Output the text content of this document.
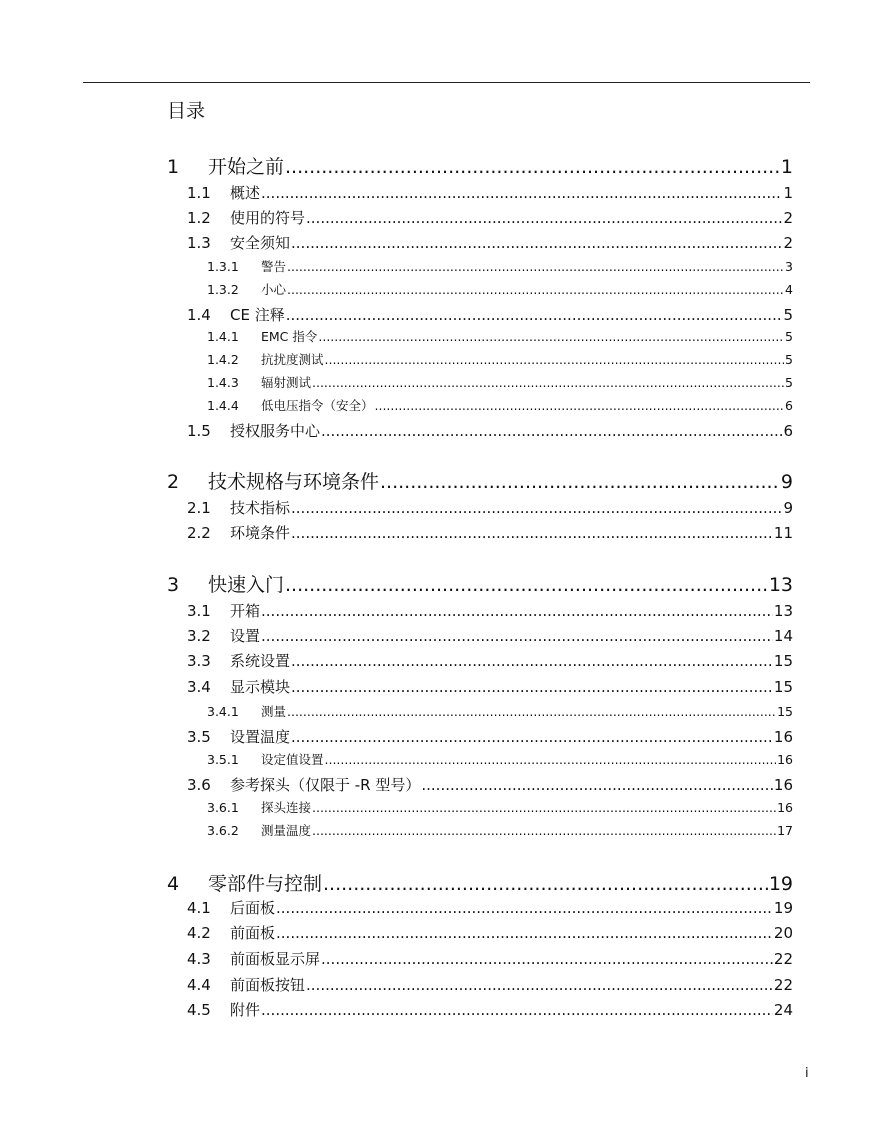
目录
1	开始之前 .....	1
1.1	概述 .....	1
1.2	使用的符号 .....	2
1.3	安全须知 .....	2
1.3.1	警告 .....	3
1.3.2	小心 .....	4
1.4	CE 注释 .....	5
1.4.1	EMC 指令 .....	5
1.4.2	抗扰度测试 .....	5
1.4.3	辐射测试 .....	5
1.4.4	低电压指令（安全） .....	6
1.5	授权服务中心 .....	6
2	技术规格与环境条件 .....	9
2.1	技术指标 .....	9
2.2	环境条件 .....	11
3	快速入门 .....	13
3.1	开箱 .....	13
3.2	设置 .....	14
3.3	系统设置 .....	15
3.4	显示模块 .....	15
3.4.1	测量 .....	15
3.5	设置温度 .....	16
3.5.1	设定值设置 .....	16
3.6	参考探头（仅限于 -R 型号） .....	16
3.6.1	探头连接 .....	16
3.6.2	测量温度 .....	17
4	零部件与控制 .....	19
4.1	后面板 .....	19
4.2	前面板 .....	20
4.3	前面板显示屏 .....	22
4.4	前面板按钮 .....	22
4.5	附件 .....	24
i
